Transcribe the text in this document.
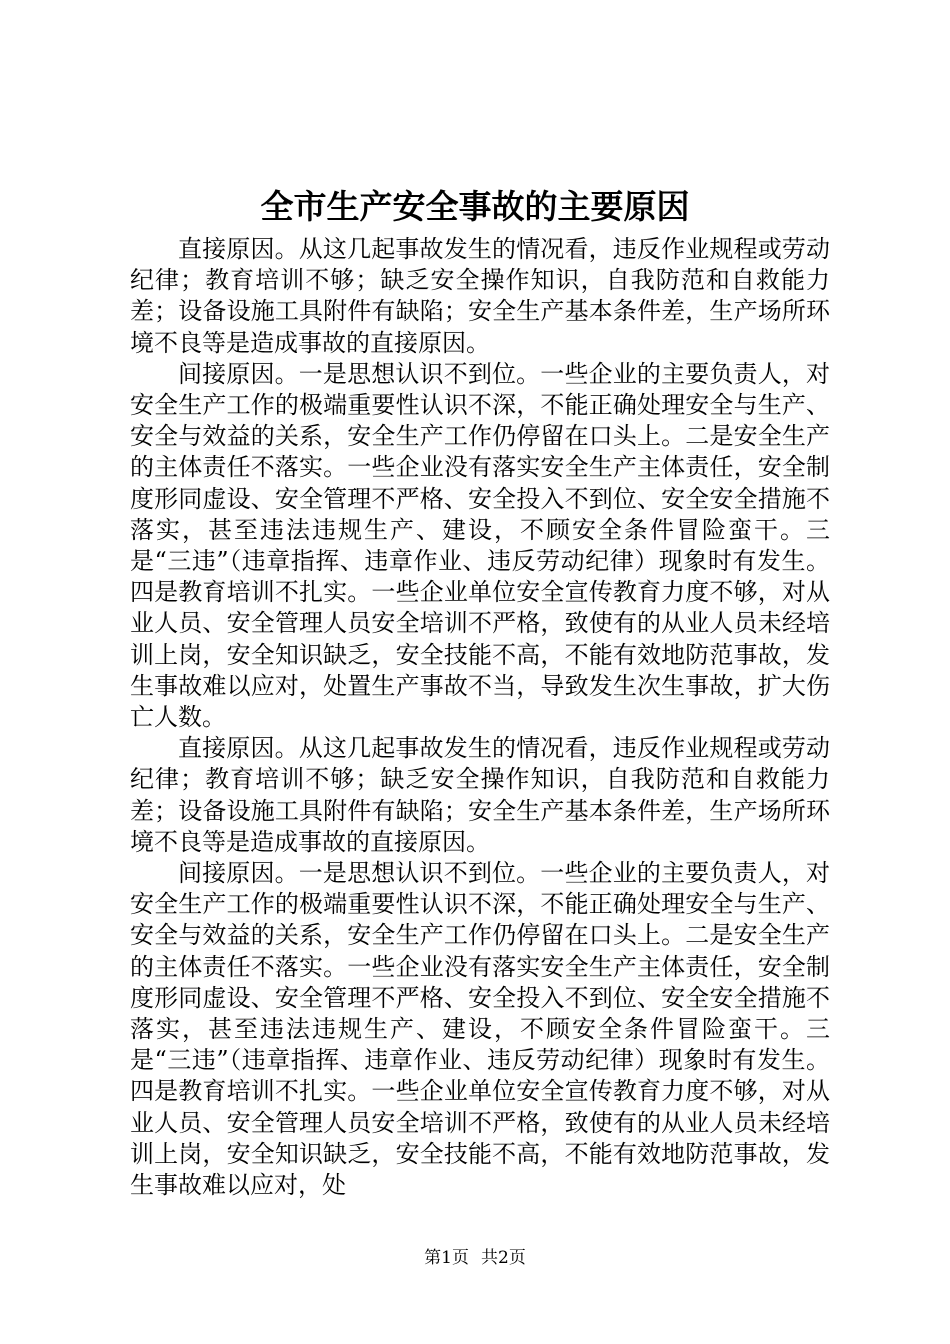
全市生产安全事故的主要原因

直接原因。从这几起事故发生的情况看，违反作业规程或劳动纪律；教育培训不够；缺乏安全操作知识，自我防范和自救能力差；设备设施工具附件有缺陷；安全生产基本条件差，生产场所环境不良等是造成事故的直接原因。

间接原因。一是思想认识不到位。一些企业的主要负责人，对安全生产工作的极端重要性认识不深，不能正确处理安全与生产、安全与效益的关系，安全生产工作仍停留在口头上。二是安全生产的主体责任不落实。一些企业没有落实安全生产主体责任，安全制度形同虚设、安全管理不严格、安全投入不到位、安全安全措施不落实，甚至违法违规生产、建设，不顾安全条件冒险蛮干。三是“三违”（违章指挥、违章作业、违反劳动纪律）现象时有发生。四是教育培训不扎实。一些企业单位安全宣传教育力度不够，对从业人员、安全管理人员安全培训不严格，致使有的从业人员未经培训上岗，安全知识缺乏，安全技能不高，不能有效地防范事故，发生事故难以应对，处置生产事故不当，导致发生次生事故，扩大伤亡人数。

直接原因。从这几起事故发生的情况看，违反作业规程或劳动纪律；教育培训不够；缺乏安全操作知识，自我防范和自救能力差；设备设施工具附件有缺陷；安全生产基本条件差，生产场所环境不良等是造成事故的直接原因。

间接原因。一是思想认识不到位。一些企业的主要负责人，对安全生产工作的极端重要性认识不深，不能正确处理安全与生产、安全与效益的关系，安全生产工作仍停留在口头上。二是安全生产的主体责任不落实。一些企业没有落实安全生产主体责任，安全制度形同虚设、安全管理不严格、安全投入不到位、安全安全措施不落实，甚至违法违规生产、建设，不顾安全条件冒险蛮干。三是“三违”（违章指挥、违章作业、违反劳动纪律）现象时有发生。四是教育培训不扎实。一些企业单位安全宣传教育力度不够，对从业人员、安全管理人员安全培训不严格，致使有的从业人员未经培训上岗，安全知识缺乏，安全技能不高，不能有效地防范事故，发生事故难以应对，处

第1页 共2页
